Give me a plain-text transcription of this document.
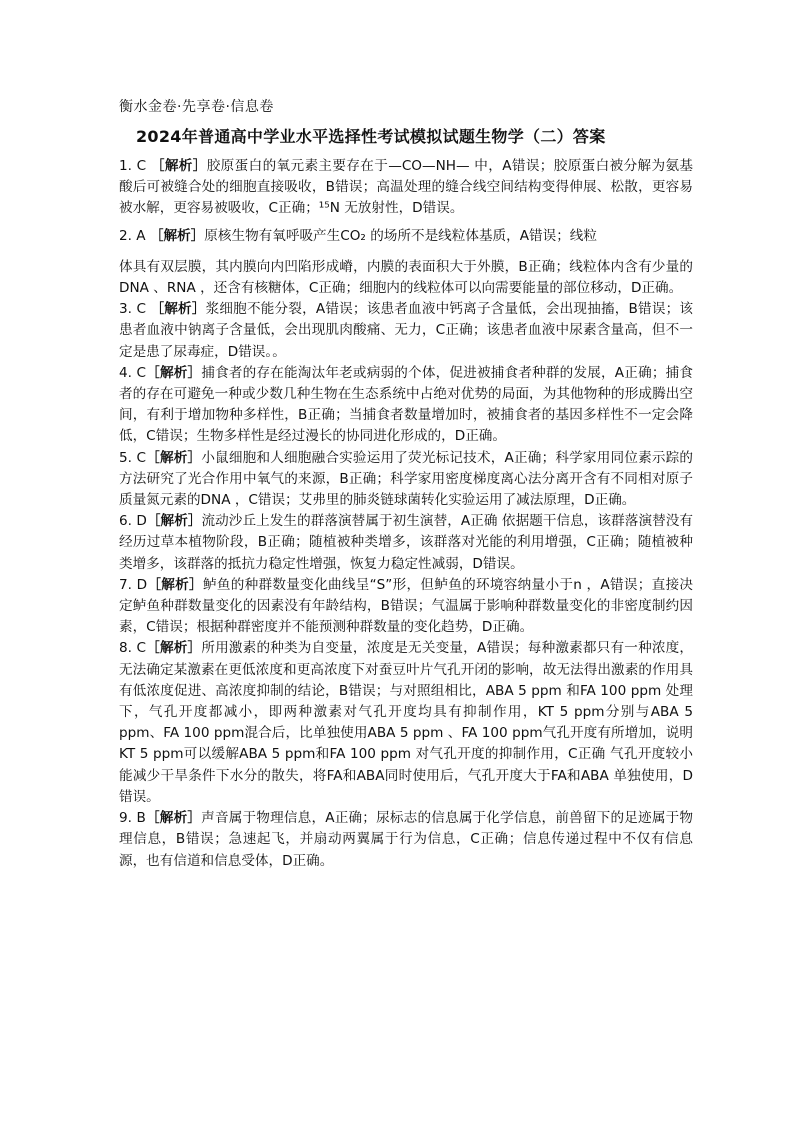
衡水金卷·先享卷·信息卷
2024年普通高中学业水平选择性考试模拟试题生物学（二）答案

1. C ［解析］胶原蛋白的氧元素主要存在于—CO—NH— 中，A错误；胶原蛋白被分解为氨基酸后可被缝合处的细胞直接吸收，B错误；高温处理的缝合线空间结构变得伸展、松散，更容易被水解，更容易被吸收，C正确；¹⁵N 无放射性，D错误。

2. A ［解析］原核生物有氧呼吸产生CO₂ 的场所不是线粒体基质，A错误；线粒

体具有双层膜，其内膜向内凹陷形成嵴，内膜的表面积大于外膜，B正确；线粒体内含有少量的DNA 、RNA ，还含有核糖体，C正确；细胞内的线粒体可以向需要能量的部位移动，D正确。

3. C ［解析］浆细胞不能分裂，A错误；该患者血液中钙离子含量低，会出现抽搐，B错误；该患者血液中钠离子含量低，会出现肌肉酸痛、无力，C正确；该患者血液中尿素含量高，但不一定是患了尿毒症，D错误。。

4. C［解析］捕食者的存在能淘汰年老或病弱的个体，促进被捕食者种群的发展，A正确；捕食者的存在可避免一种或少数几种生物在生态系统中占绝对优势的局面，为其他物种的形成腾出空间，有利于增加物种多样性，B正确；当捕食者数量增加时，被捕食者的基因多样性不一定会降低，C错误；生物多样性是经过漫长的协同进化形成的，D正确。

5. C［解析］小鼠细胞和人细胞融合实验运用了荧光标记技术，A正确；科学家用同位素示踪的方法研究了光合作用中氧气的来源，B正确；科学家用密度梯度离心法分离开含有不同相对原子质量氮元素的DNA ，C错误；艾弗里的肺炎链球菌转化实验运用了减法原理，D正确。

6. D［解析］流动沙丘上发生的群落演替属于初生演替，A正确 依据题干信息，该群落演替没有经历过草本植物阶段，B正确；随植被种类增多，该群落对光能的利用增强，C正确；随植被种类增多，该群落的抵抗力稳定性增强，恢复力稳定性减弱，D错误。

7. D［解析］鲈鱼的种群数量变化曲线呈“S”形，但鲈鱼的环境容纳量小于n ，A错误；直接决定鲈鱼种群数量变化的因素没有年龄结构，B错误；气温属于影响种群数量变化的非密度制约因素，C错误；根据种群密度并不能预测种群数量的变化趋势，D正确。

8. C［解析］所用激素的种类为自变量，浓度是无关变量，A错误；每种激素都只有一种浓度，无法确定某激素在更低浓度和更高浓度下对蚕豆叶片气孔开闭的影响，故无法得出激素的作用具有低浓度促进、高浓度抑制的结论，B错误；与对照组相比，ABA 5 ppm 和FA 100 ppm 处理下，气孔开度都减小，即两种激素对气孔开度均具有抑制作用，KT 5 ppm分别与ABA 5 ppm、FA 100 ppm混合后，比单独使用ABA 5 ppm 、FA 100 ppm气孔开度有所增加，说明KT 5 ppm可以缓解ABA 5 ppm和FA 100 ppm 对气孔开度的抑制作用，C正确 气孔开度较小能减少干旱条件下水分的散失，将FA和ABA同时使用后，气孔开度大于FA和ABA 单独使用，D错误。

9. B［解析］声音属于物理信息，A正确；尿标志的信息属于化学信息，前兽留下的足迹属于物理信息，B错误；急速起飞，并扇动两翼属于行为信息，C正确；信息传递过程中不仅有信息源，也有信道和信息受体，D正确。
